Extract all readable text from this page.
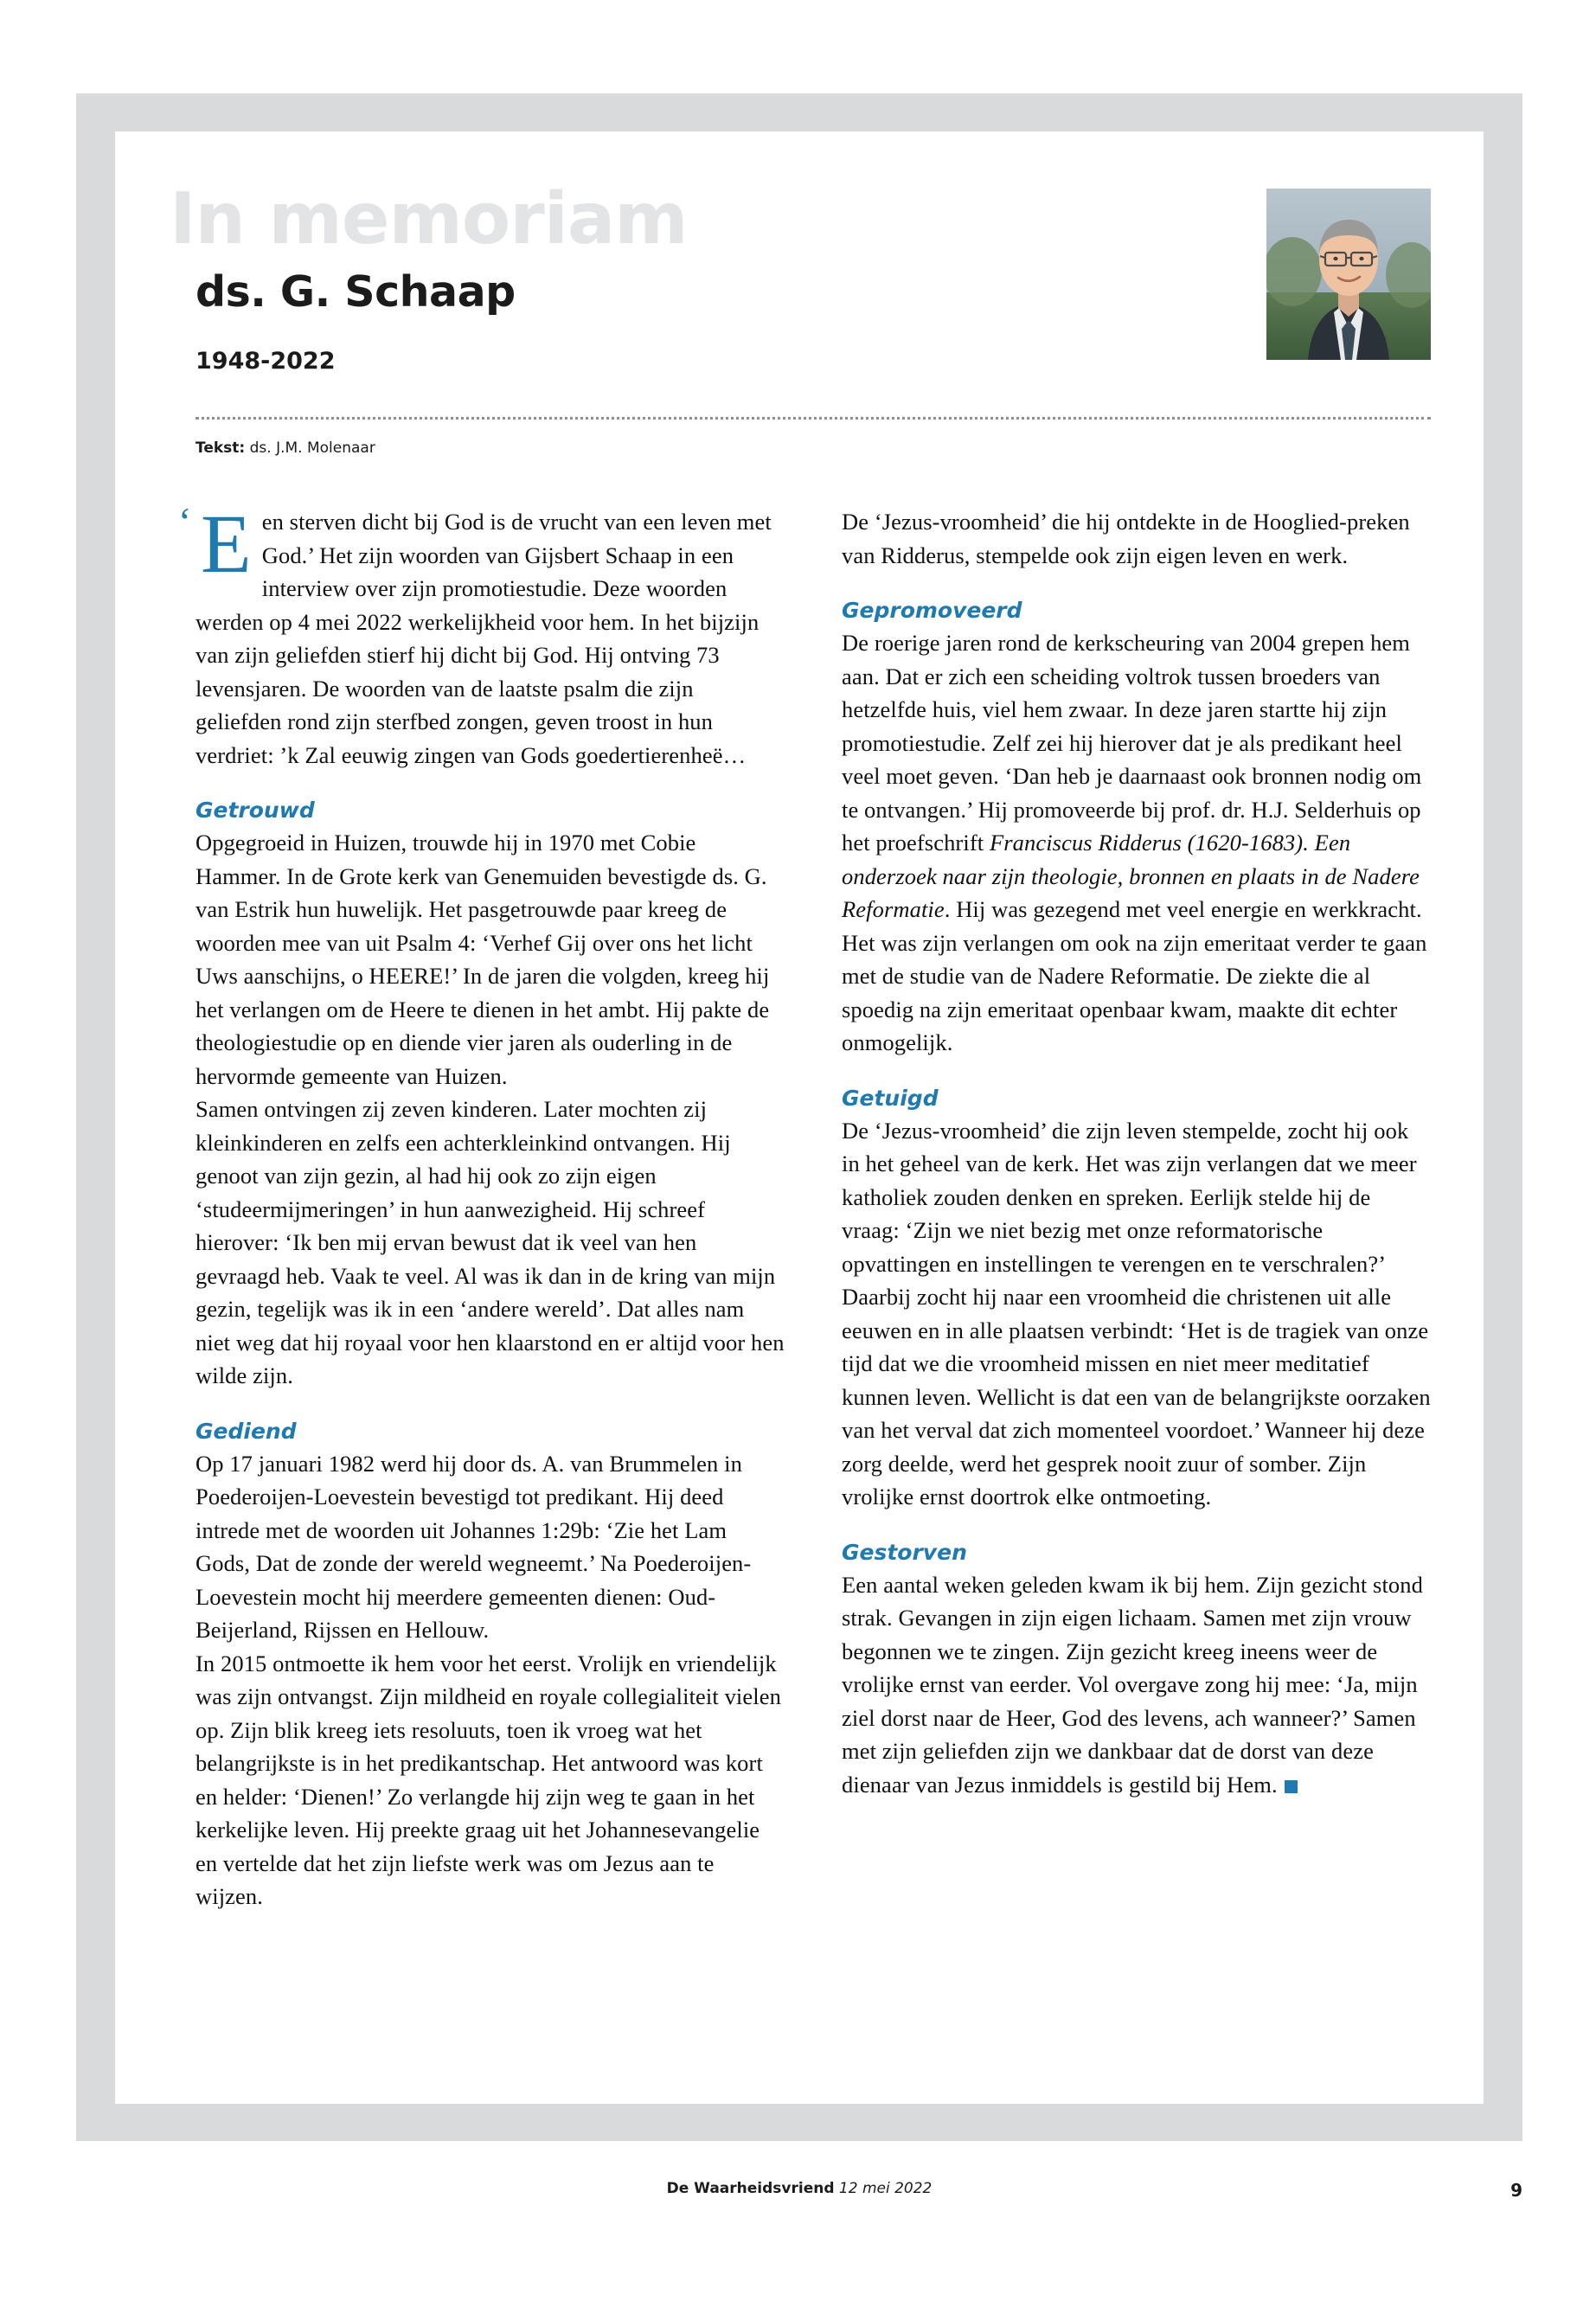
In memoriam
ds. G. Schaap
1948-2022
Tekst: ds. J.M. Molenaar

‘ E en sterven dicht bij God is de vrucht van een leven met God.’ Het zijn woorden van Gijsbert Schaap in een interview over zijn promotiestudie. Deze woorden werden op 4 mei 2022 werkelijkheid voor hem. In het bijzijn van zijn geliefden stierf hij dicht bij God. Hij ontving 73 levensjaren. De woorden van de laatste psalm die zijn geliefden rond zijn sterfbed zongen, geven troost in hun verdriet: ’k Zal eeuwig zingen van Gods goedertierenheë…

Getrouwd

Opgegroeid in Huizen, trouwde hij in 1970 met Cobie Hammer. In de Grote kerk van Genemuiden bevestigde ds. G. van Estrik hun huwelijk. Het pasgetrouwde paar kreeg de woorden mee van uit Psalm 4: ‘Verhef Gij over ons het licht Uws aanschijns, o HEERE!’ In de jaren die volgden, kreeg hij het verlangen om de Heere te dienen in het ambt. Hij pakte de theologiestudie op en diende vier jaren als ouderling in de hervormde gemeente van Huizen.

Samen ontvingen zij zeven kinderen. Later mochten zij kleinkinderen en zelfs een achterkleinkind ontvangen. Hij genoot van zijn gezin, al had hij ook zo zijn eigen ‘studeermijmeringen’ in hun aanwezigheid. Hij schreef hierover: ‘Ik ben mij ervan bewust dat ik veel van hen gevraagd heb. Vaak te veel. Al was ik dan in de kring van mijn gezin, tegelijk was ik in een ‘andere wereld’. Dat alles nam niet weg dat hij royaal voor hen klaarstond en er altijd voor hen wilde zijn.

Gediend

Op 17 januari 1982 werd hij door ds. A. van Brummelen in Poederoijen-Loevestein bevestigd tot predikant. Hij deed intrede met de woorden uit Johannes 1:29b: ‘Zie het Lam Gods, Dat de zonde der wereld wegneemt.’ Na Poederoijen-Loevestein mocht hij meerdere gemeenten dienen: Oud-Beijerland, Rijssen en Hellouw.

In 2015 ontmoette ik hem voor het eerst. Vrolijk en vriendelijk was zijn ontvangst. Zijn mildheid en royale collegialiteit vielen op. Zijn blik kreeg iets resoluuts, toen ik vroeg wat het belangrijkste is in het predikantschap. Het antwoord was kort en helder: ‘Dienen!’ Zo verlangde hij zijn weg te gaan in het kerkelijke leven. Hij preekte graag uit het Johannesevangelie en vertelde dat het zijn liefste werk was om Jezus aan te wijzen.

De ‘Jezus-vroomheid’ die hij ontdekte in de Hooglied-preken van Ridderus, stempelde ook zijn eigen leven en werk.

Gepromoveerd

De roerige jaren rond de kerkscheuring van 2004 grepen hem aan. Dat er zich een scheiding voltrok tussen broeders van hetzelfde huis, viel hem zwaar. In deze jaren startte hij zijn promotiestudie. Zelf zei hij hierover dat je als predikant heel veel moet geven. ‘Dan heb je daarnaast ook bronnen nodig om te ontvangen.’ Hij promoveerde bij prof. dr. H.J. Selderhuis op het proefschrift Franciscus Ridderus (1620-1683). Een onderzoek naar zijn theologie, bronnen en plaats in de Nadere Reformatie. Hij was gezegend met veel energie en werkkracht. Het was zijn verlangen om ook na zijn emeritaat verder te gaan met de studie van de Nadere Reformatie. De ziekte die al spoedig na zijn emeritaat openbaar kwam, maakte dit echter onmogelijk.

Getuigd

De ‘Jezus-vroomheid’ die zijn leven stempelde, zocht hij ook in het geheel van de kerk. Het was zijn verlangen dat we meer katholiek zouden denken en spreken. Eerlijk stelde hij de vraag: ‘Zijn we niet bezig met onze reformatorische opvattingen en instellingen te verengen en te verschralen?’ Daarbij zocht hij naar een vroomheid die christenen uit alle eeuwen en in alle plaatsen verbindt: ‘Het is de tragiek van onze tijd dat we die vroomheid missen en niet meer meditatief kunnen leven. Wellicht is dat een van de belangrijkste oorzaken van het verval dat zich momenteel voordoet.’ Wanneer hij deze zorg deelde, werd het gesprek nooit zuur of somber. Zijn vrolijke ernst doortrok elke ontmoeting.

Gestorven

Een aantal weken geleden kwam ik bij hem. Zijn gezicht stond strak. Gevangen in zijn eigen lichaam. Samen met zijn vrouw begonnen we te zingen. Zijn gezicht kreeg ineens weer de vrolijke ernst van eerder. Vol overgave zong hij mee: ‘Ja, mijn ziel dorst naar de Heer, God des levens, ach wanneer?’ Samen met zijn geliefden zijn we dankbaar dat de dorst van deze dienaar van Jezus inmiddels is gestild bij Hem.

De Waarheidsvriend 12 mei 2022	9
